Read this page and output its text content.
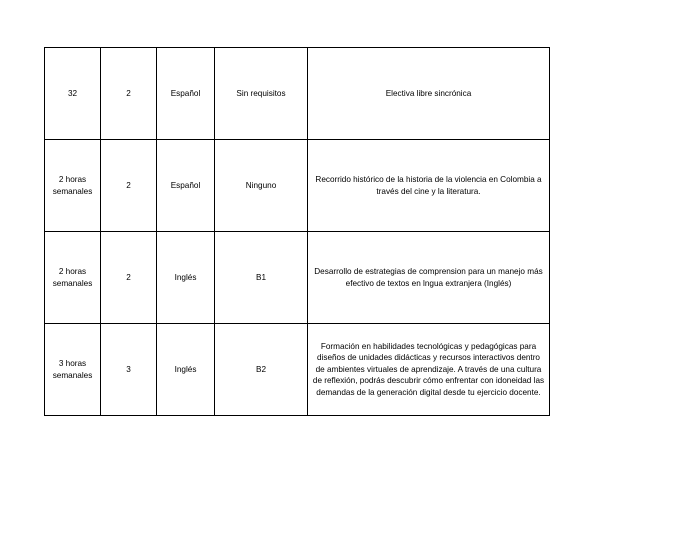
32	2	Español	Sin requisitos	Electiva libre sincrónica
2 horas semanales	2	Español	Ninguno	Recorrido histórico de la historia de la violencia en Colombia a través del cine y la literatura.
2 horas semanales	2	Inglés	B1	Desarrollo de estrategias de comprension para un manejo más efectivo de textos en lngua extranjera (Inglés)
3 horas semanales	3	Inglés	B2	Formación en habilidades tecnológicas y pedagógicas para diseños de unidades didácticas y recursos interactivos dentro de ambientes virtuales de aprendizaje. A través de una cultura de reflexión, podrás descubrir cómo enfrentar con idoneidad las demandas de la generación digital desde tu ejercicio docente.
